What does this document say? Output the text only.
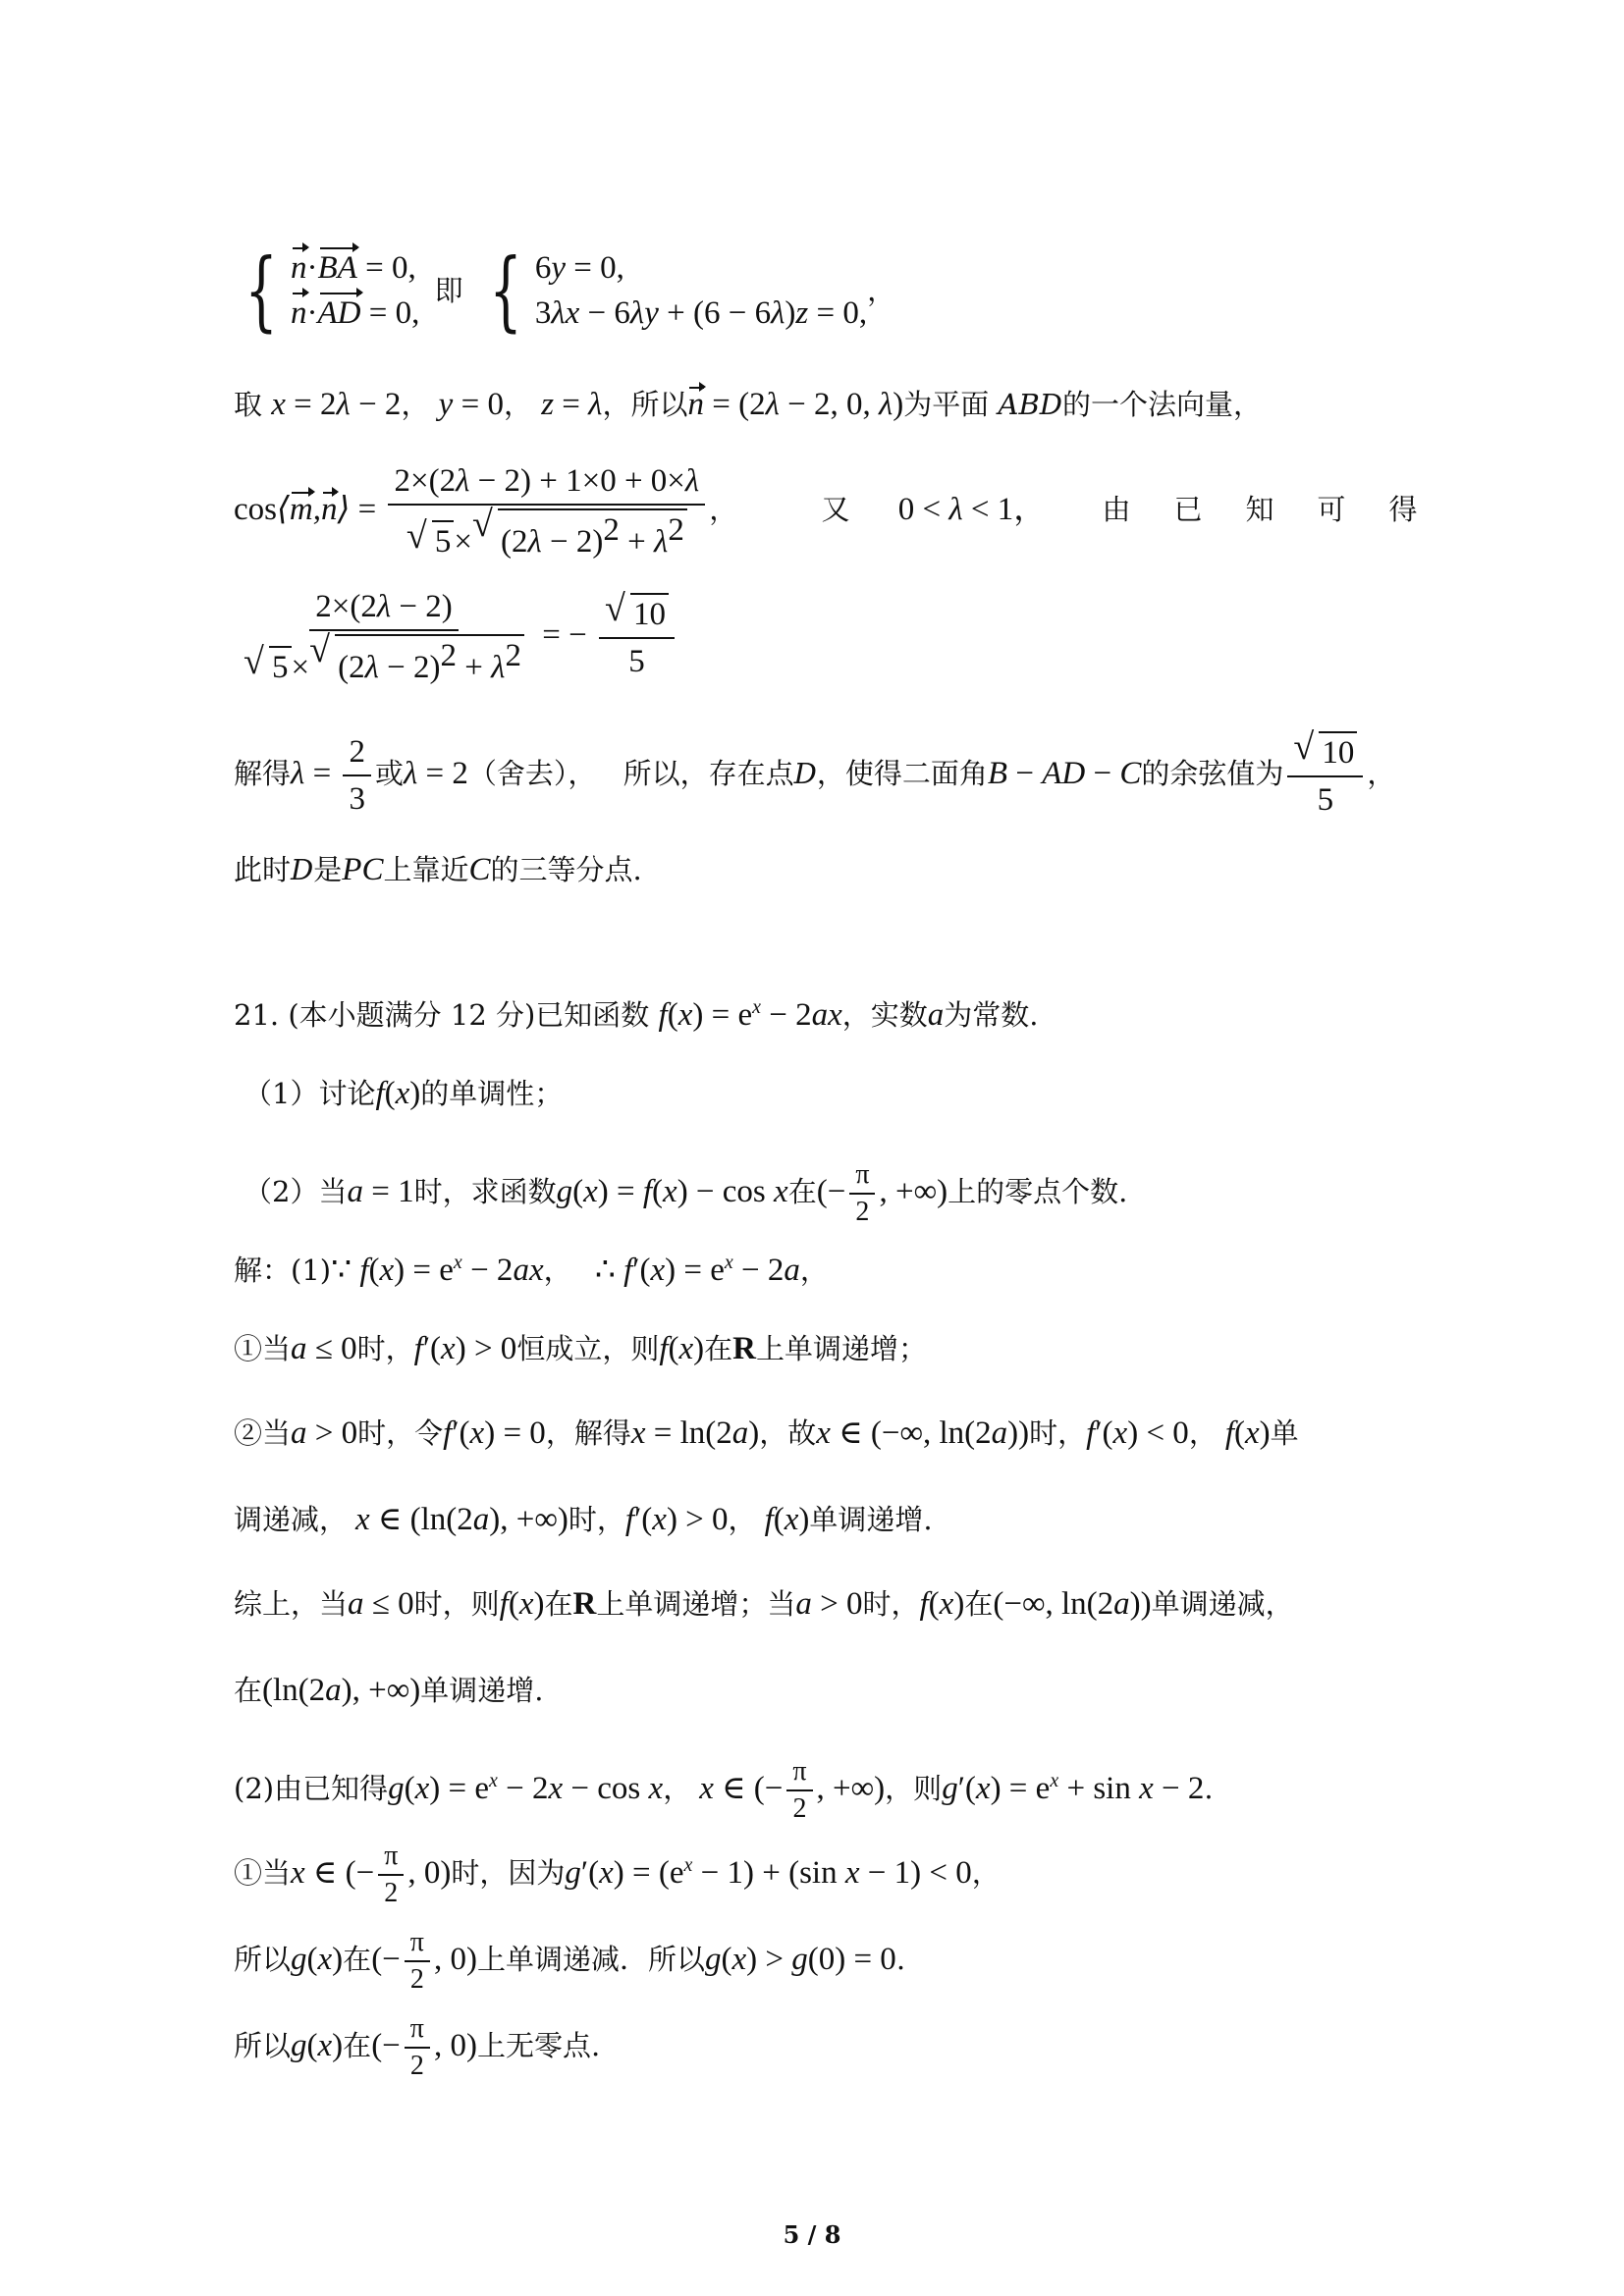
{ n·BA = 0,
n·AD = 0,
即 { 6y = 0,
3λx − 6λy + (6 − 6λ)z = 0,
，
取 x = 2λ − 2， y = 0， z = λ，所以n = (2λ − 2, 0, λ)为平面 ABD的一个法向量，
cos⟨m,n⟩ = 2×(2λ − 2) + 1×0 + 0×λ
√ 5× √ $(2\lambda - 2)^2 + \lambda^2$ ，	又 0 < λ < 1， 由已知可得
2×(2λ − 2)
√ 5× √ $(2\lambda - 2)^2 + \lambda^2$ = − √ $\frac{10}{5}$
解得$\lambda = \frac{2}{3}$ 或λ = 2（舍去）， 所以，存在点D，使得二面角B − AD − C的余弦值为 √ $\frac{10}{5}$ ，
此时D是PC上靠近C的三等分点.
21. (本小题满分 12 分)已知函数 $f(x) = e^x - 2ax$，实数a为常数.
（1）讨论f(x)的单调性；
（2）当a = 1时，求函数g(x) = f(x) − cos x在(− $\frac{\pi}{2}$ , +∞)上的零点个数.
解：(1)∵ $f(x) = e^x - 2ax$， ∴ $f'(x) = e^x - 2a$，
①当a ≤ 0时，f′(x) > 0恒成立，则f(x)在R上单调递增；
②当a > 0时，令f′(x) = 0，解得x = ln(2a)，故x ∈ (−∞, ln(2a))时，f′(x) < 0， f(x)单
调递减， x ∈ (ln(2a), +∞)时，f′(x) > 0， f(x)单调递增.
综上，当a ≤ 0时，则f(x)在R上单调递增；当a > 0时，f(x)在(−∞, ln(2a))单调递减，
在(ln(2a), +∞)单调递增.
(2)由已知得$g(x) = e^x - 2x - \cos x$， x ∈ (− $\frac{\pi}{2}$ , +∞)，则$g'(x) = e^x + \sin x - 2$.
①当x ∈ (− $\frac{\pi}{2}$ , 0)时，因为$g'(x) = (e^x - 1) + (\sin$ x − 1) < 0，
所以g(x)在(− $\frac{\pi}{2}$ , 0)上单调递减．所以g(x) > g(0) = 0.
所以g(x)在(− $\frac{\pi}{2}$ , 0)上无零点.
5 / 8
